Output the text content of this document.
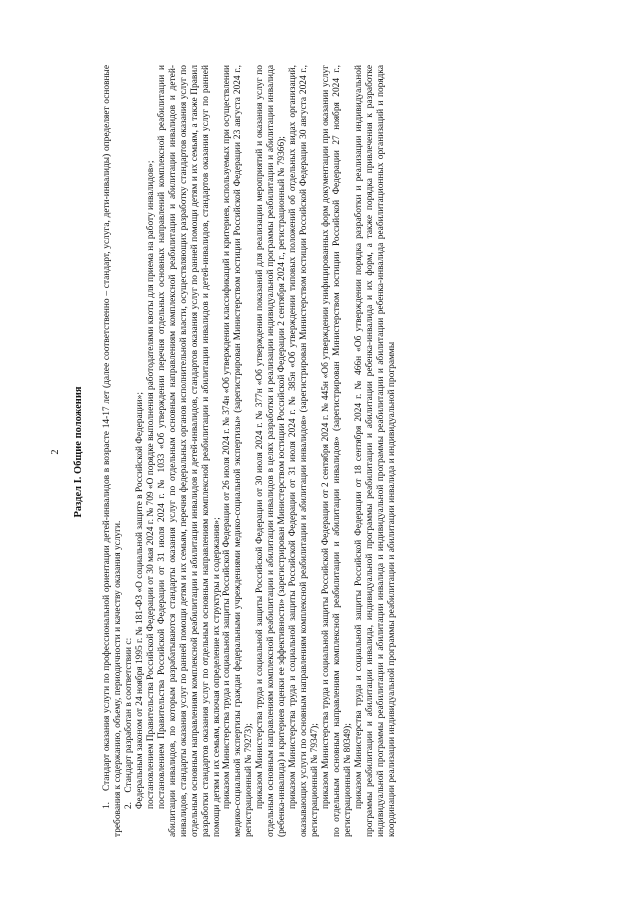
2 Раздел I. Общие положения 1.    Стандарт оказания услуги по профессиональной ориентации детей-инвалидов в возрасте 14-17 лет (далее соответственно – стандарт, услуга, дети-инвалиды) определяет основные требования к содержанию, объему, периодичности и качеству оказания услуги. 2.    Стандарт разработан в соответствии с: Федеральным законом от 24 ноября 1995 г. № 181-ФЗ «О социальной защите в Российской Федерации»; постановлением Правительства Российской Федерации от 30 мая 2024 г. № 709 «О порядке выполнения работодателями квоты для приема на работу инвалидов»; постановлением Правительства Российской Федерации от 31 июля 2024 г. № 1033 «Об утверждении перечня отдельных основных направлений комплексной реабилитации и абилитации инвалидов, по которым разрабатываются стандарты оказания услуг по отдельным основным направлениям комплексной реабилитации и абилитации инвалидов и детей-инвалидов, стандарты оказания услуг по ранней помощи детям и их семьям, перечня федеральных органов исполнительной власти, осуществляющих разработку стандартов оказания услуг по отдельным основным направлениям комплексной реабилитации и абилитации инвалидов и детей-инвалидов, стандартов оказания услуг по ранней помощи детям и их семьям, а также Правил разработки стандартов оказания услуг по отдельным основным направлениям комплексной реабилитации и абилитации инвалидов и детей-инвалидов, стандартов оказания услуг по ранней помощи детям и их семьям, включая определение их структуры и содержания»; приказом Министерства труда и социальной защиты Российской Федерации от 26 июля 2024 г. № 374н «Об утверждении классификаций и критериев, используемых при осуществлении медико-социальной экспертизы граждан федеральными учреждениями медико-социальной экспертизы» (зарегистрирован Министерством юстиции Российской Федерации 23 августа 2024 г., регистрационный № 79273); приказом Министерства труда и социальной защиты Российской Федерации от 30 июля 2024 г. № 377н «Об утверждении показаний для реализации мероприятий и оказания услуг по отдельным основным направлениям комплексной реабилитации и абилитации инвалидов в целях разработки и реализации индивидуальной программы реабилитации и абилитации инвалида (ребенка-инвалида) и критериев оценки ее эффективности» (зарегистрирован Министерством юстиции Российской Федерации 2 сентября 2024 г., регистрационный № 79366); приказом Министерства труда и социальной защиты Российской Федерации от 31 июля 2024 г. № 385н «Об утверждении типовых положений об отдельных видах организаций, оказывающих услуги по основным направлениям комплексной реабилитации и абилитации инвалидов» (зарегистрирован Министерством юстиции Российской Федерации 30 августа 2024 г., регистрационный № 79347); приказом Министерства труда и социальной защиты Российской Федерации от 2 сентября 2024 г. № 445н «Об утверждении унифицированных форм документации при оказании услуг по отдельным основным направлениям комплексной реабилитации и абилитации инвалидов» (зарегистрирован Министерством юстиции Российской Федерации 27 ноября 2024 г., регистрационный № 80349); приказом Министерства труда и социальной защиты Российской Федерации от 18 сентября 2024 г. № 466н «Об утверждении порядка разработки и реализации индивидуальной программы реабилитации и абилитации инвалида, индивидуальной программы реабилитации и абилитации ребенка-инвалида и их форм, а также порядка привлечения к разработке индивидуальной программы реабилитации и абилитации инвалида и индивидуальной программы реабилитации и абилитации ребенка-инвалида реабилитационных организаций и порядка координации реализации индивидуальной программы реабилитации и абилитации инвалида и индивидуальной программы
